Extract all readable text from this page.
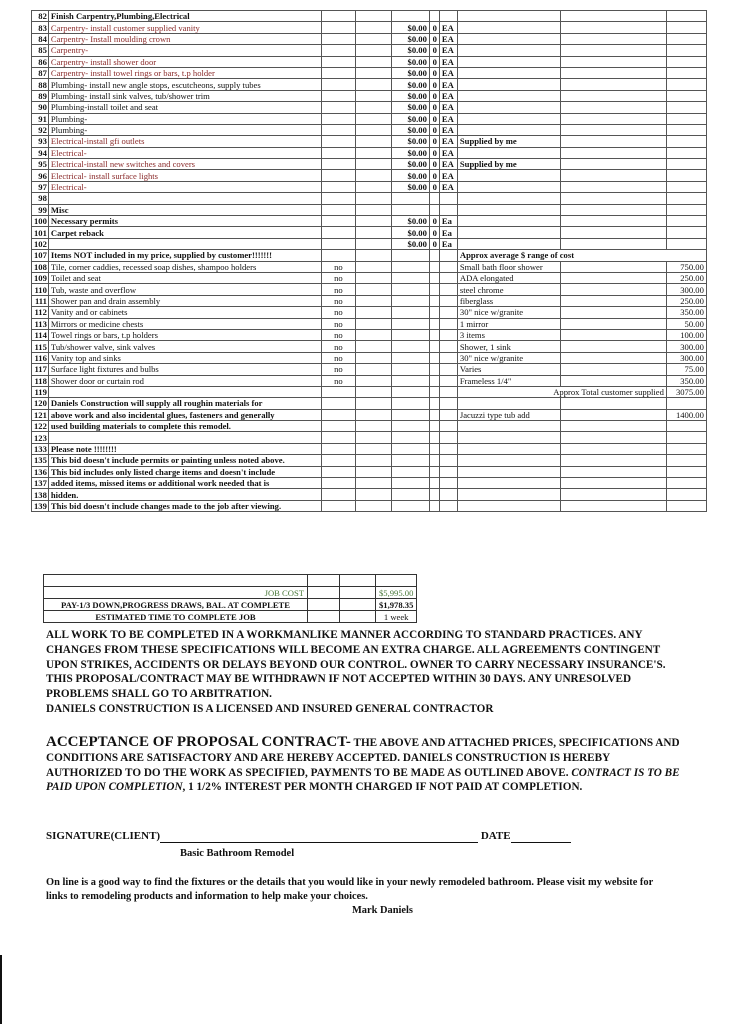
82	Finish Carpentry,Plumbing,Electrical								
83	Carpentry- install customer supplied vanity			$0.00	0	EA			
84	Carpentry- Install moulding crown			$0.00	0	EA			
85	Carpentry-			$0.00	0	EA			
86	Carpentry- install shower door			$0.00	0	EA			
87	Carpentry- install towel rings or bars, t.p holder			$0.00	0	EA			
88	Plumbing- install new angle stops, escutcheons, supply tubes			$0.00	0	EA			
89	Plumbing- install sink valves, tub/shower trim			$0.00	0	EA			
90	Plumbing-install toilet and seat			$0.00	0	EA			
91	Plumbing-			$0.00	0	EA			
92	Plumbing-			$0.00	0	EA			
93	Electrical-install gfi outlets			$0.00	0	EA	Supplied by me		
94	Electrical-			$0.00	0	EA			
95	Electrical-install new switches and covers			$0.00	0	EA	Supplied by me		
96	Electrical- install surface lights			$0.00	0	EA			
97	Electrical-			$0.00	0	EA			
98									
99	Misc								
100	Necessary permits			$0.00	0	Ea			
101	Carpet reback			$0.00	0	Ea			
102				$0.00	0	Ea			
107	Items NOT included in my price, supplied by customer!!!!!!!						Approx average $ range of cost		
108	Tile, corner caddies, recessed soap dishes, shampoo holders	no					Small bath floor shower		750.00
109	Toilet and seat	no					ADA elongated		250.00
110	Tub, waste and overflow	no					steel chrome		300.00
111	Shower pan and drain assembly	no					fiberglass		250.00
112	Vanity and or cabinets	no					30" nice w/granite		350.00
113	Mirrors or medicine chests	no					1 mirror		50.00
114	Towel rings or bars, t.p holders	no					3 items		100.00
115	Tub/shower valve, sink valves	no					Shower, 1 sink		300.00
116	Vanity top and sinks	no					30" nice w/granite		300.00
117	Surface light fixtures and bulbs	no					Varies		75.00
118	Shower door or curtain rod	no					Frameless 1/4"		350.00
119							Approx Total customer supplied		3075.00
120	Daniels Construction will supply all roughin materials for								
121	above work and also incidental glues, fasteners and generally						Jacuzzi type tub add		1400.00
122	used building materials to complete this remodel.								
123									
133	Please note !!!!!!!!								
135	This bid doesn't include permits or painting unless noted above.								
136	This bid includes only listed charge items and doesn't include								
137	added items, missed items or additional work needed that is								
138	hidden.								
139	This bid doesn't include changes made to the job after viewing.								

JOB COST			$5,995.00
PAY-1/3 DOWN,PROGRESS DRAWS, BAL. AT COMPLETE			$1,978.35
ESTIMATED TIME TO COMPLETE JOB			1 week
ALL WORK TO BE COMPLETED IN A WORKMANLIKE MANNER ACCORDING TO STANDARD PRACTICES. ANY CHANGES FROM THESE SPECIFICATIONS WILL BECOME AN EXTRA CHARGE. ALL AGREEMENTS CONTINGENT UPON STRIKES, ACCIDENTS OR DELAYS BEYOND OUR CONTROL. OWNER TO CARRY NECESSARY INSURANCE'S. THIS PROPOSAL/CONTRACT MAY BE WITHDRAWN IF NOT ACCEPTED WITHIN 30 DAYS. ANY UNRESOLVED PROBLEMS SHALL GO TO ARBITRATION.
DANIELS CONSTRUCTION IS A LICENSED AND INSURED GENERAL CONTRACTOR
ACCEPTANCE OF PROPOSAL CONTRACT- THE ABOVE AND ATTACHED PRICES, SPECIFICATIONS AND CONDITIONS ARE SATISFACTORY AND ARE HEREBY ACCEPTED. DANIELS CONSTRUCTION IS HEREBY AUTHORIZED TO DO THE WORK AS SPECIFIED, PAYMENTS TO BE MADE AS OUTLINED ABOVE. CONTRACT IS TO BE PAID UPON COMPLETION, 1 1/2% INTEREST PER MONTH CHARGED IF NOT PAID AT COMPLETION.
SIGNATURE(CLIENT)	DATE
Basic Bathroom Remodel
On line is a good way to find the fixtures or the details that you would like in your newly remodeled bathroom. Please visit my website for links to remodeling products and information to help make your choices.
Mark Daniels
